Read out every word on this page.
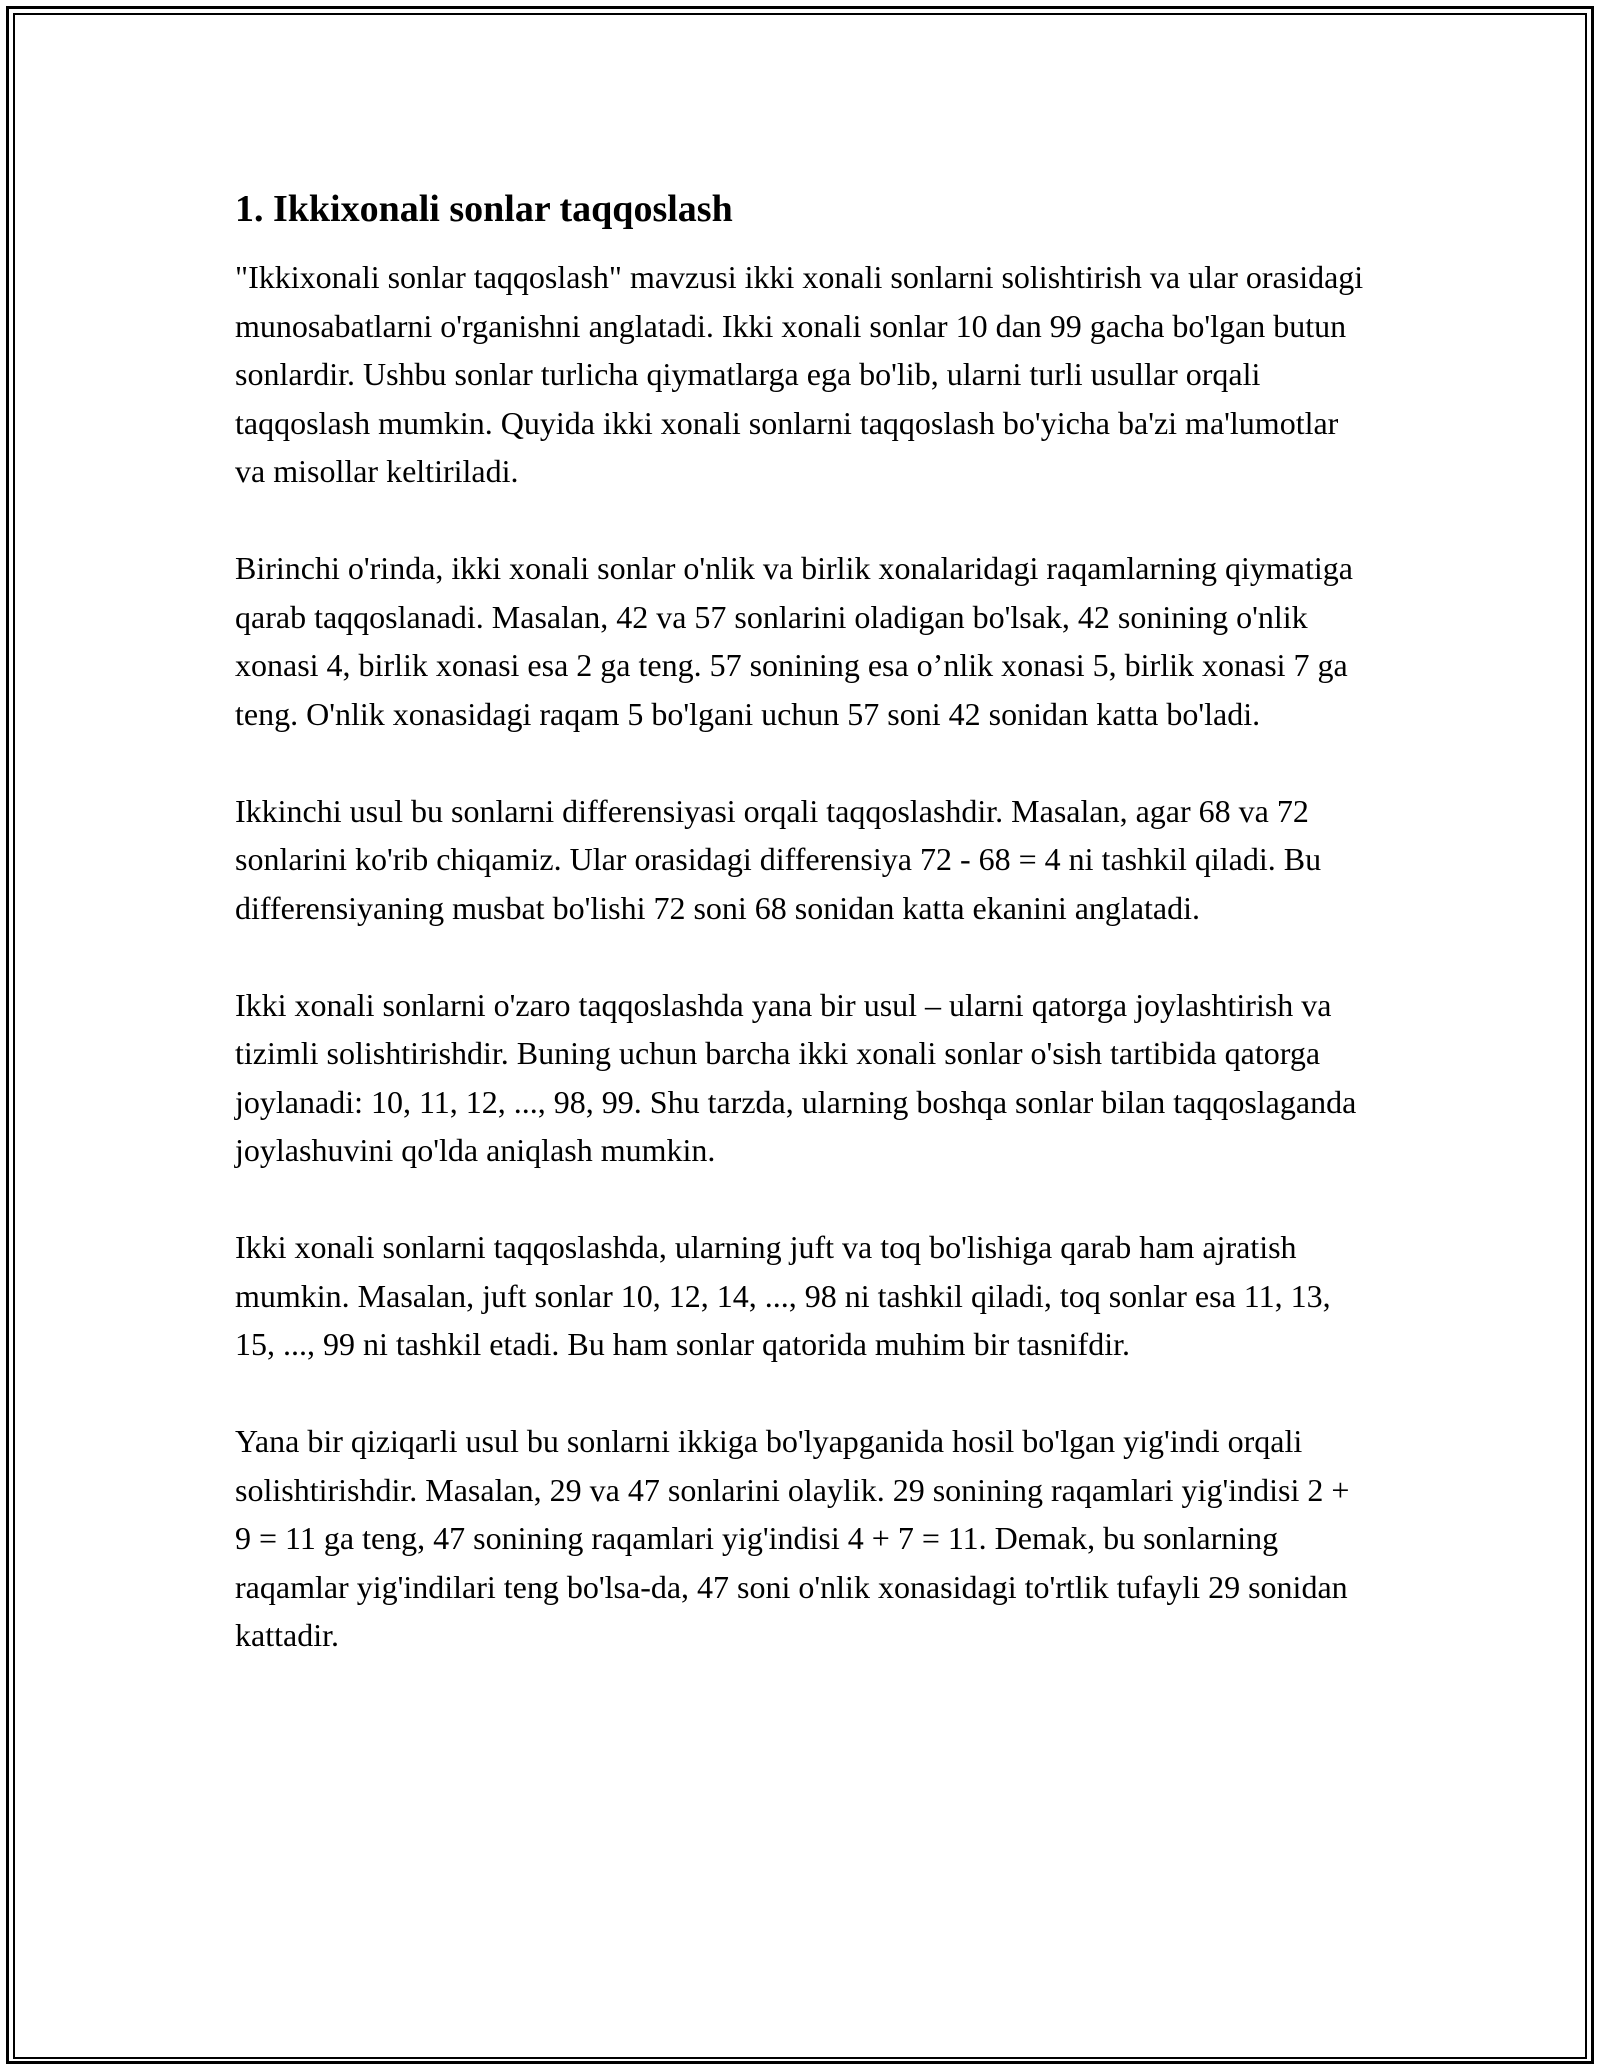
1. Ikkixonali sonlar taqqoslash

"Ikkixonali sonlar taqqoslash" mavzusi ikki xonali sonlarni solishtirish va ular orasidagi munosabatlarni o'rganishni anglatadi. Ikki xonali sonlar 10 dan 99 gacha bo'lgan butun sonlardir. Ushbu sonlar turlicha qiymatlarga ega bo'lib, ularni turli usullar orqali taqqoslash mumkin. Quyida ikki xonali sonlarni taqqoslash bo'yicha ba'zi ma'lumotlar va misollar keltiriladi.

Birinchi o'rinda, ikki xonali sonlar o'nlik va birlik xonalaridagi raqamlarning qiymatiga qarab taqqoslanadi. Masalan, 42 va 57 sonlarini oladigan bo'lsak, 42 sonining o'nlik xonasi 4, birlik xonasi esa 2 ga teng. 57 sonining esa o’nlik xonasi 5, birlik xonasi 7 ga teng. O'nlik xonasidagi raqam 5 bo'lgani uchun 57 soni 42 sonidan katta bo'ladi.

Ikkinchi usul bu sonlarni differensiyasi orqali taqqoslashdir. Masalan, agar 68 va 72 sonlarini ko'rib chiqamiz. Ular orasidagi differensiya 72 - 68 = 4 ni tashkil qiladi. Bu differensiyaning musbat bo'lishi 72 soni 68 sonidan katta ekanini anglatadi.

Ikki xonali sonlarni o'zaro taqqoslashda yana bir usul – ularni qatorga joylashtirish va tizimli solishtirishdir. Buning uchun barcha ikki xonali sonlar o'sish tartibida qatorga joylanadi: 10, 11, 12, ..., 98, 99. Shu tarzda, ularning boshqa sonlar bilan taqqoslaganda joylashuvini qo'lda aniqlash mumkin.

Ikki xonali sonlarni taqqoslashda, ularning juft va toq bo'lishiga qarab ham ajratish mumkin. Masalan, juft sonlar 10, 12, 14, ..., 98 ni tashkil qiladi, toq sonlar esa 11, 13, 15, ..., 99 ni tashkil etadi. Bu ham sonlar qatorida muhim bir tasnifdir.

Yana bir qiziqarli usul bu sonlarni ikkiga bo'lyapganida hosil bo'lgan yig'indi orqali solishtirishdir. Masalan, 29 va 47 sonlarini olaylik. 29 sonining raqamlari yig'indisi 2 + 9 = 11 ga teng, 47 sonining raqamlari yig'indisi 4 + 7 = 11. Demak, bu sonlarning raqamlar yig'indilari teng bo'lsa-da, 47 soni o'nlik xonasidagi to'rtlik tufayli 29 sonidan kattadir.
